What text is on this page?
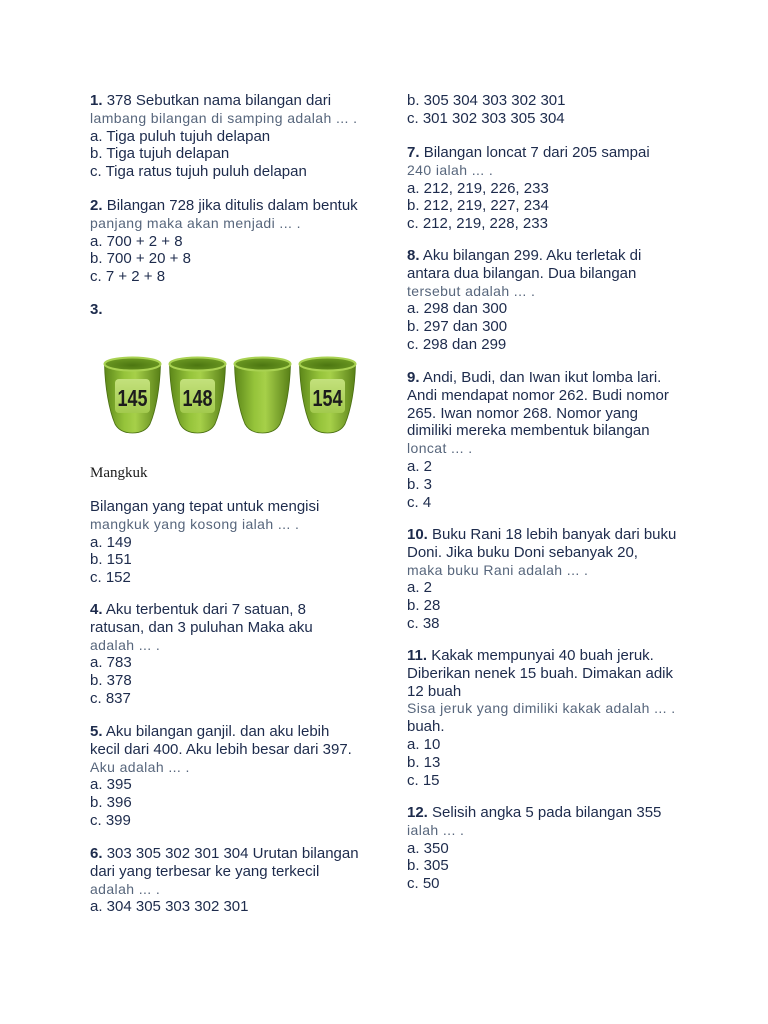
1. 378 Sebutkan nama bilangan dari
lambang bilangan di samping adalah ... .
a. Tiga puluh tujuh delapan
b. Tiga tujuh delapan
c. Tiga ratus tujuh puluh delapan
2. Bilangan 728 jika ditulis dalam bentuk
panjang maka akan menjadi ... .
a. 700 + 2 + 8
b. 700 + 20 + 8
c. 7 + 2 + 8
3.
145 148	154
Mangkuk
Bilangan yang tepat untuk mengisi
mangkuk yang kosong ialah ... .
a. 149
b. 151
c. 152
4. Aku terbentuk dari 7 satuan, 8
ratusan, dan 3 puluhan Maka aku
adalah ... .
a. 783
b. 378
c. 837
5. Aku bilangan ganjil. dan aku lebih
kecil dari 400. Aku lebih besar dari 397.
Aku adalah ... .
a. 395
b. 396
c. 399
6. 303 305 302 301 304 Urutan bilangan
dari yang terbesar ke yang terkecil
adalah ... .
a. 304 305 303 302 301
b. 305 304 303 302 301
c. 301 302 303 305 304
7. Bilangan loncat 7 dari 205 sampai
240 ialah ... .
a. 212, 219, 226, 233
b. 212, 219, 227, 234
c. 212, 219, 228, 233
8. Aku bilangan 299. Aku terletak di
antara dua bilangan. Dua bilangan
tersebut adalah ... .
a. 298 dan 300
b. 297 dan 300
c. 298 dan 299
9. Andi, Budi, dan Iwan ikut lomba lari.
Andi mendapat nomor 262. Budi nomor
265. Iwan nomor 268. Nomor yang
dimiliki mereka membentuk bilangan
loncat ... .
a. 2
b. 3
c. 4
10. Buku Rani 18 lebih banyak dari buku
Doni. Jika buku Doni sebanyak 20,
maka buku Rani adalah ... .
a. 2
b. 28
c. 38
11. Kakak mempunyai 40 buah jeruk.
Diberikan nenek 15 buah. Dimakan adik
12 buah
Sisa jeruk yang dimiliki kakak adalah ... .
buah.
a. 10
b. 13
c. 15
12. Selisih angka 5 pada bilangan 355
ialah ... .
a. 350
b. 305
c. 50
